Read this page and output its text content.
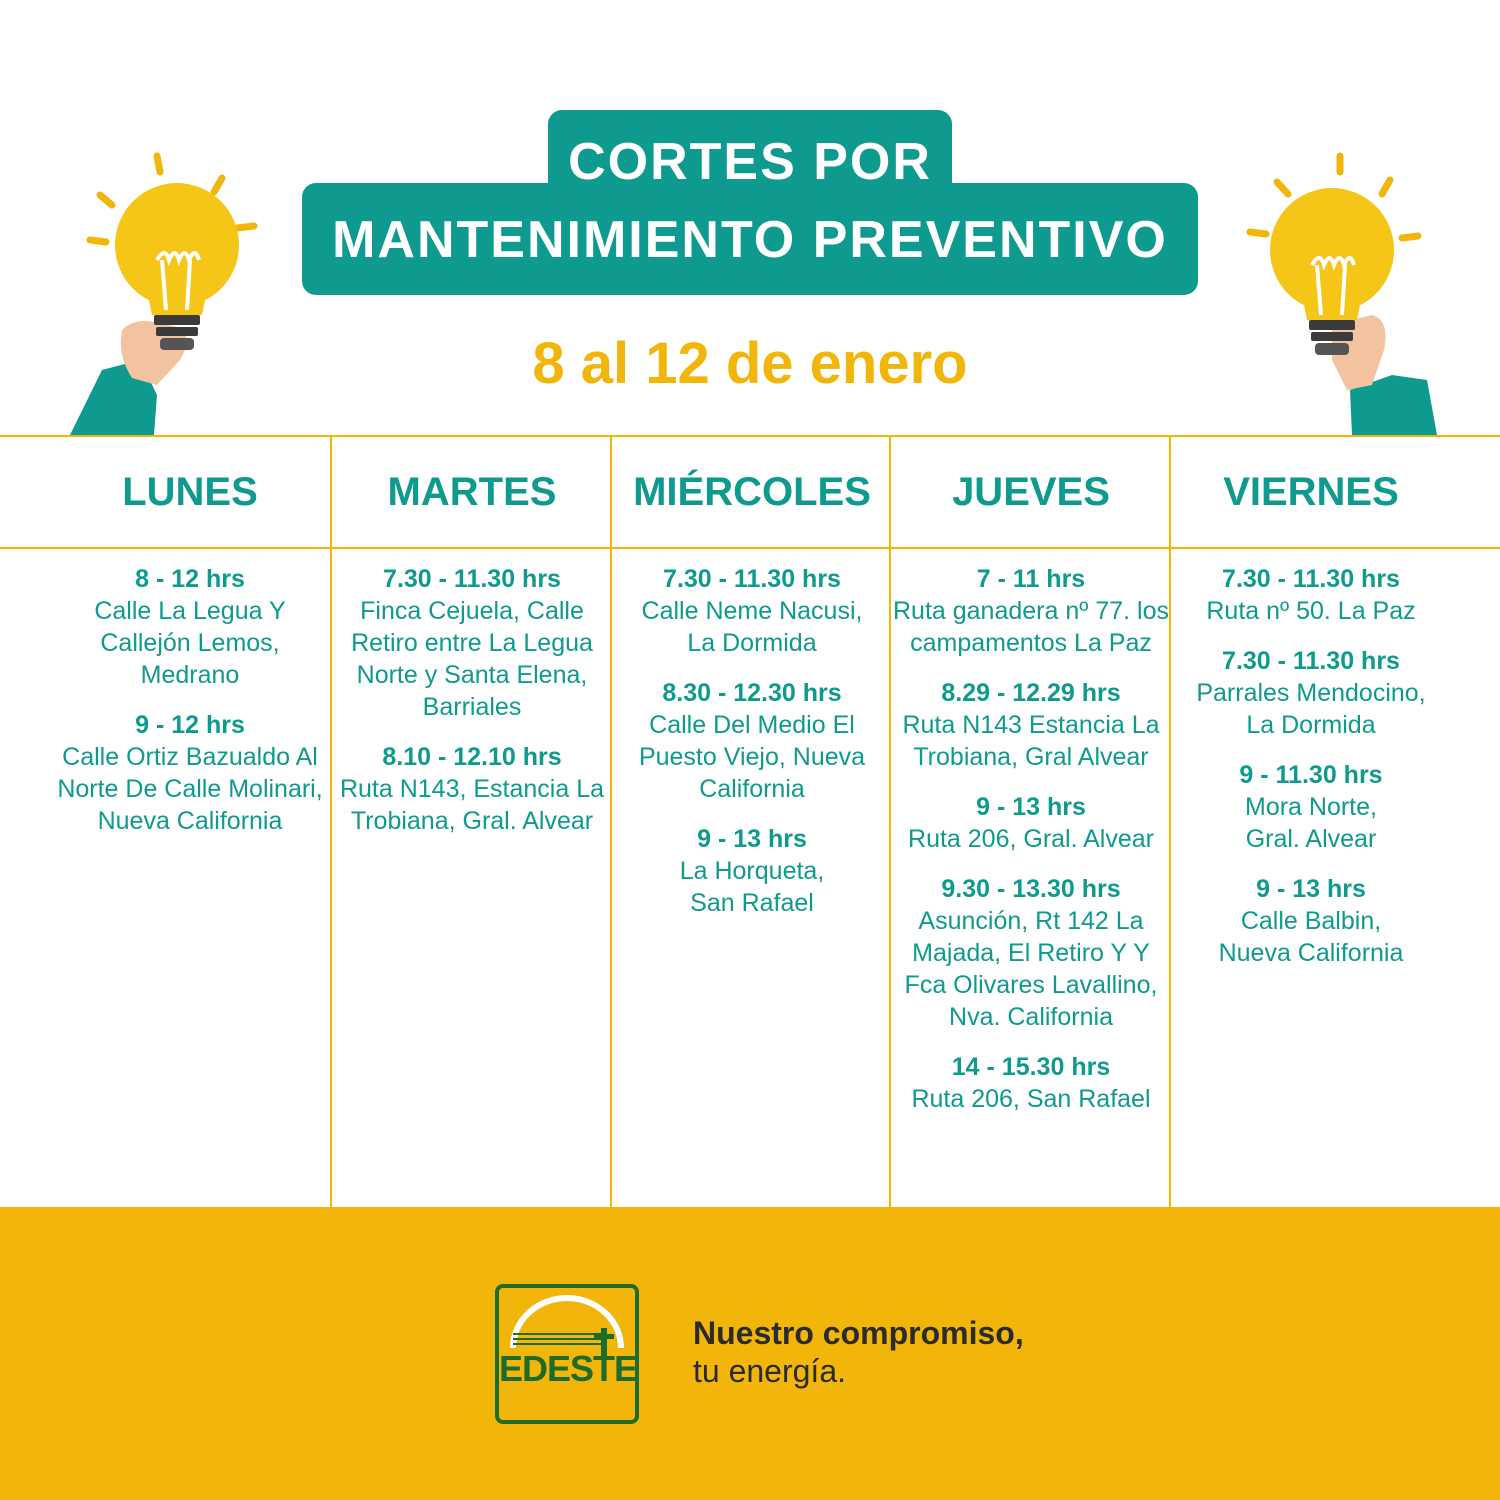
CORTES POR
MANTENIMIENTO PREVENTIVO
8 al 12 de enero
LUNES
8 - 12 hrs
Calle La Legua Y
Callejón Lemos,
Medrano
9 - 12 hrs
Calle Ortiz Bazualdo Al
Norte De Calle Molinari,
Nueva California
MARTES
7.30 - 11.30 hrs
Finca Cejuela, Calle
Retiro entre La Legua
Norte y Santa Elena,
Barriales
8.10 - 12.10 hrs
Ruta N143, Estancia La
Trobiana, Gral. Alvear
MIÉRCOLES
7.30 - 11.30 hrs
Calle Neme Nacusi,
La Dormida
8.30 - 12.30 hrs
Calle Del Medio El
Puesto Viejo, Nueva
California
9 - 13 hrs
La Horqueta,
San Rafael
JUEVES
7 - 11 hrs
Ruta ganadera nº 77. los
campamentos La Paz
8.29 - 12.29 hrs
Ruta N143 Estancia La
Trobiana, Gral Alvear
9 - 13 hrs
Ruta 206, Gral. Alvear
9.30 - 13.30 hrs
Asunción, Rt 142 La
Majada, El Retiro Y Y
Fca Olivares Lavallino,
Nva. California
14 - 15.30 hrs
Ruta 206, San Rafael
VIERNES
7.30 - 11.30 hrs
Ruta nº 50. La Paz
7.30 - 11.30 hrs
Parrales Mendocino,
La Dormida
9 - 11.30 hrs
Mora Norte,
Gral. Alvear
9 - 13 hrs
Calle Balbin,
Nueva California
EDESTE
Nuestro compromiso,
tu energía.
